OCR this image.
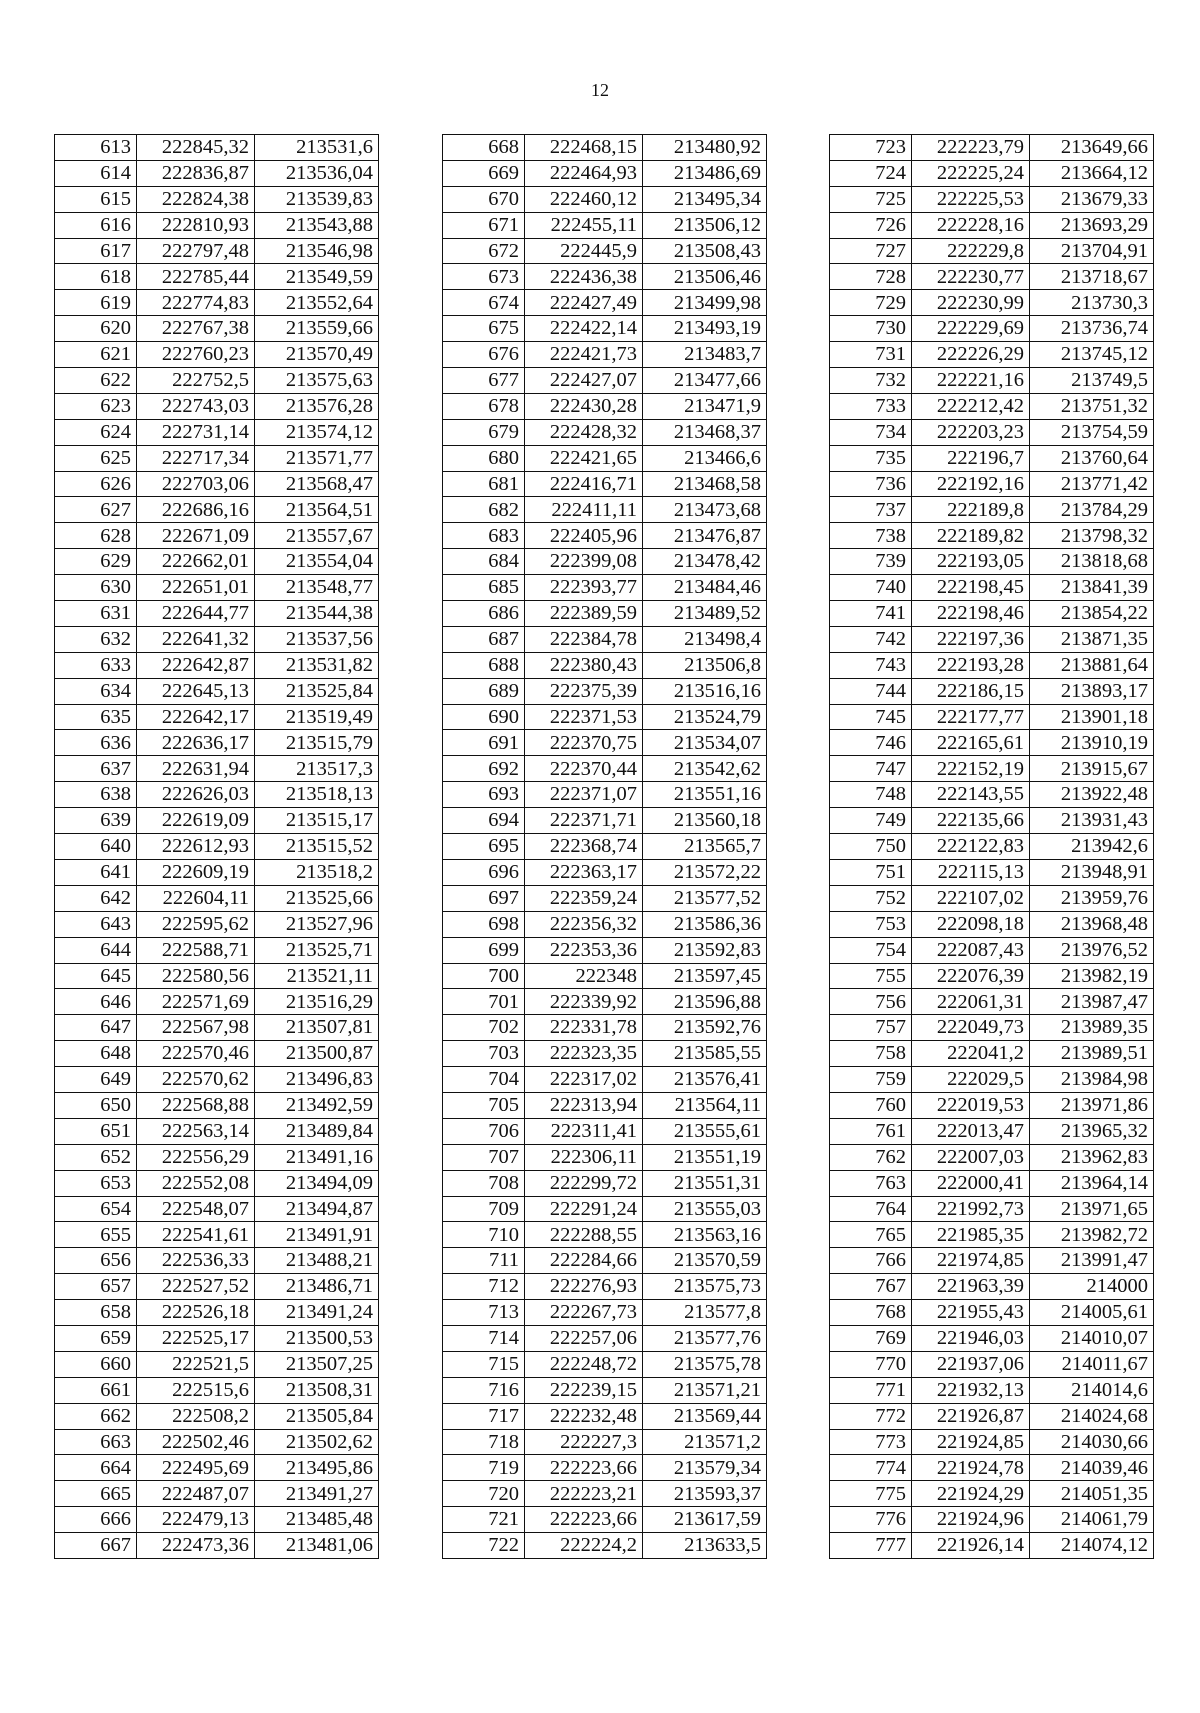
12
613	222845,32	213531,6
614	222836,87	213536,04
615	222824,38	213539,83
616	222810,93	213543,88
617	222797,48	213546,98
618	222785,44	213549,59
619	222774,83	213552,64
620	222767,38	213559,66
621	222760,23	213570,49
622	222752,5	213575,63
623	222743,03	213576,28
624	222731,14	213574,12
625	222717,34	213571,77
626	222703,06	213568,47
627	222686,16	213564,51
628	222671,09	213557,67
629	222662,01	213554,04
630	222651,01	213548,77
631	222644,77	213544,38
632	222641,32	213537,56
633	222642,87	213531,82
634	222645,13	213525,84
635	222642,17	213519,49
636	222636,17	213515,79
637	222631,94	213517,3
638	222626,03	213518,13
639	222619,09	213515,17
640	222612,93	213515,52
641	222609,19	213518,2
642	222604,11	213525,66
643	222595,62	213527,96
644	222588,71	213525,71
645	222580,56	213521,11
646	222571,69	213516,29
647	222567,98	213507,81
648	222570,46	213500,87
649	222570,62	213496,83
650	222568,88	213492,59
651	222563,14	213489,84
652	222556,29	213491,16
653	222552,08	213494,09
654	222548,07	213494,87
655	222541,61	213491,91
656	222536,33	213488,21
657	222527,52	213486,71
658	222526,18	213491,24
659	222525,17	213500,53
660	222521,5	213507,25
661	222515,6	213508,31
662	222508,2	213505,84
663	222502,46	213502,62
664	222495,69	213495,86
665	222487,07	213491,27
666	222479,13	213485,48
667	222473,36	213481,06
668	222468,15	213480,92
669	222464,93	213486,69
670	222460,12	213495,34
671	222455,11	213506,12
672	222445,9	213508,43
673	222436,38	213506,46
674	222427,49	213499,98
675	222422,14	213493,19
676	222421,73	213483,7
677	222427,07	213477,66
678	222430,28	213471,9
679	222428,32	213468,37
680	222421,65	213466,6
681	222416,71	213468,58
682	222411,11	213473,68
683	222405,96	213476,87
684	222399,08	213478,42
685	222393,77	213484,46
686	222389,59	213489,52
687	222384,78	213498,4
688	222380,43	213506,8
689	222375,39	213516,16
690	222371,53	213524,79
691	222370,75	213534,07
692	222370,44	213542,62
693	222371,07	213551,16
694	222371,71	213560,18
695	222368,74	213565,7
696	222363,17	213572,22
697	222359,24	213577,52
698	222356,32	213586,36
699	222353,36	213592,83
700	222348	213597,45
701	222339,92	213596,88
702	222331,78	213592,76
703	222323,35	213585,55
704	222317,02	213576,41
705	222313,94	213564,11
706	222311,41	213555,61
707	222306,11	213551,19
708	222299,72	213551,31
709	222291,24	213555,03
710	222288,55	213563,16
711	222284,66	213570,59
712	222276,93	213575,73
713	222267,73	213577,8
714	222257,06	213577,76
715	222248,72	213575,78
716	222239,15	213571,21
717	222232,48	213569,44
718	222227,3	213571,2
719	222223,66	213579,34
720	222223,21	213593,37
721	222223,66	213617,59
722	222224,2	213633,5
723	222223,79	213649,66
724	222225,24	213664,12
725	222225,53	213679,33
726	222228,16	213693,29
727	222229,8	213704,91
728	222230,77	213718,67
729	222230,99	213730,3
730	222229,69	213736,74
731	222226,29	213745,12
732	222221,16	213749,5
733	222212,42	213751,32
734	222203,23	213754,59
735	222196,7	213760,64
736	222192,16	213771,42
737	222189,8	213784,29
738	222189,82	213798,32
739	222193,05	213818,68
740	222198,45	213841,39
741	222198,46	213854,22
742	222197,36	213871,35
743	222193,28	213881,64
744	222186,15	213893,17
745	222177,77	213901,18
746	222165,61	213910,19
747	222152,19	213915,67
748	222143,55	213922,48
749	222135,66	213931,43
750	222122,83	213942,6
751	222115,13	213948,91
752	222107,02	213959,76
753	222098,18	213968,48
754	222087,43	213976,52
755	222076,39	213982,19
756	222061,31	213987,47
757	222049,73	213989,35
758	222041,2	213989,51
759	222029,5	213984,98
760	222019,53	213971,86
761	222013,47	213965,32
762	222007,03	213962,83
763	222000,41	213964,14
764	221992,73	213971,65
765	221985,35	213982,72
766	221974,85	213991,47
767	221963,39	214000
768	221955,43	214005,61
769	221946,03	214010,07
770	221937,06	214011,67
771	221932,13	214014,6
772	221926,87	214024,68
773	221924,85	214030,66
774	221924,78	214039,46
775	221924,29	214051,35
776	221924,96	214061,79
777	221926,14	214074,12
